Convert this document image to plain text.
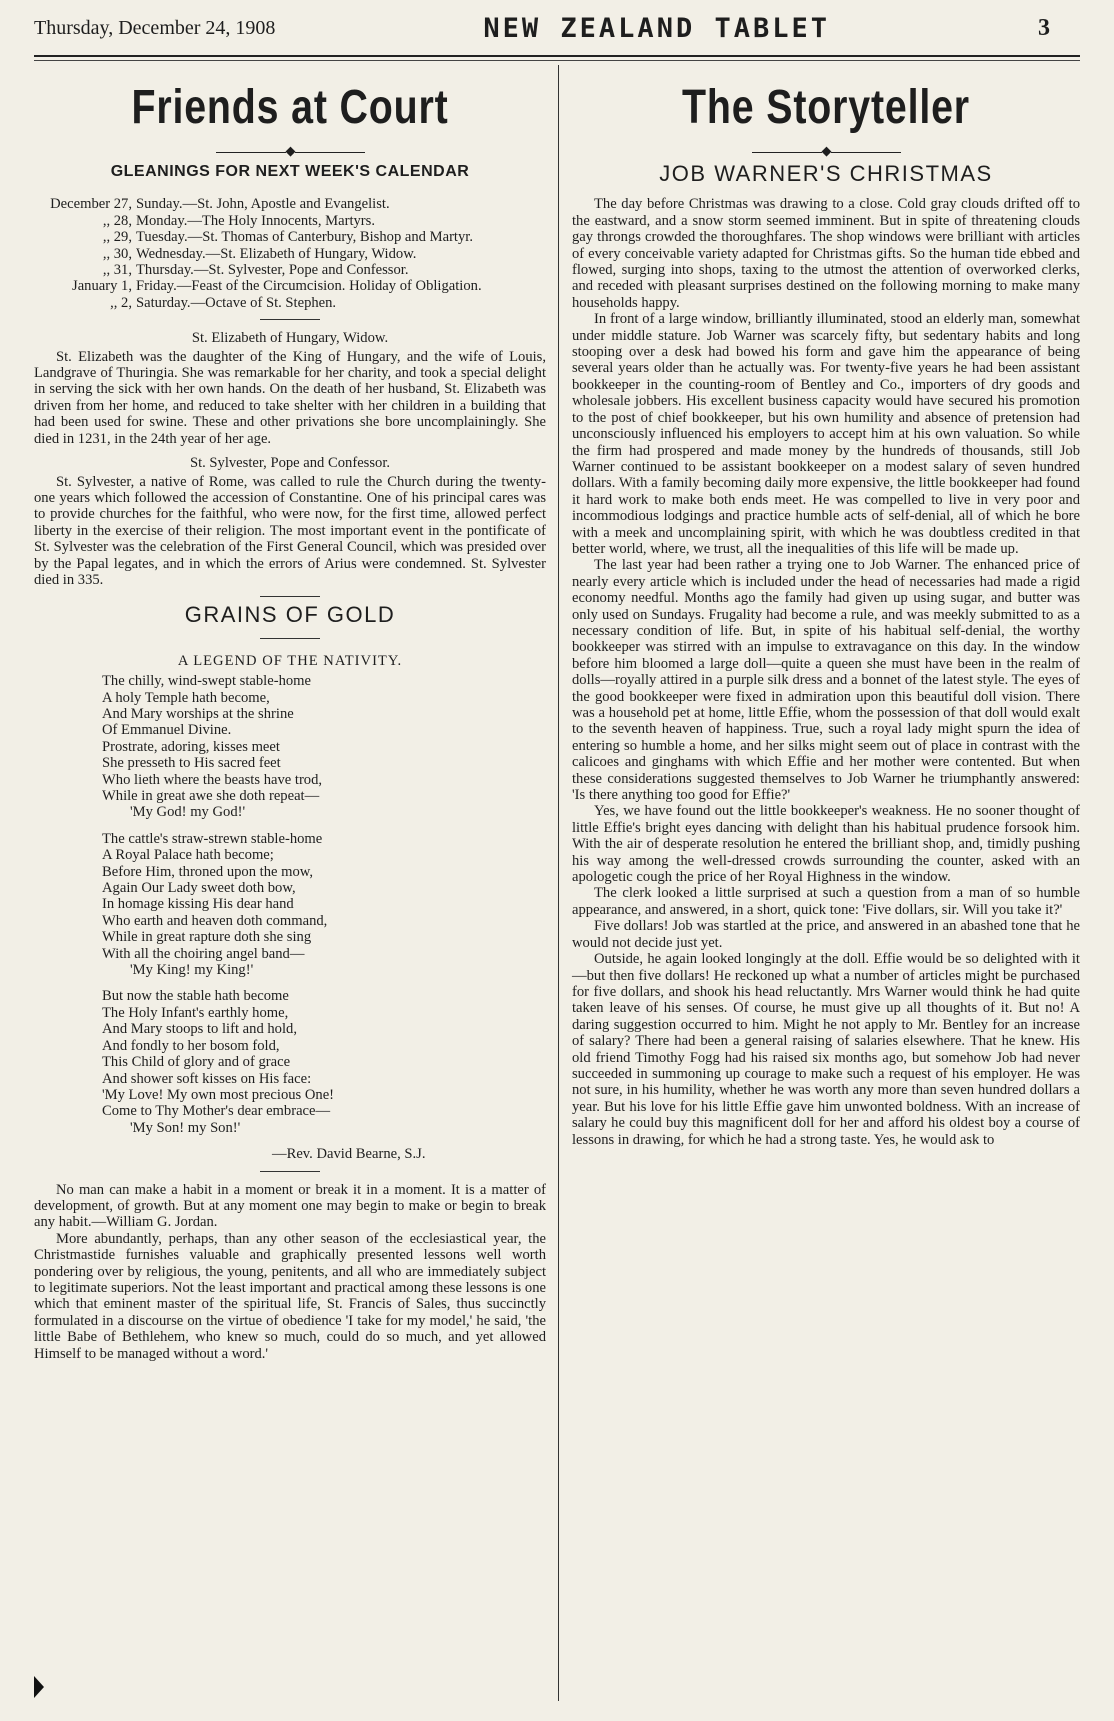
Thursday, December 24, 1908	NEW ZEALAND TABLET	3
Friends at Court
◆
GLEANINGS FOR NEXT WEEK'S CALENDAR
December 27, Sunday.—St. John, Apostle and Evangelist.
,, 28, Monday.—The Holy Innocents, Martyrs.
,, 29, Tuesday.—St. Thomas of Canterbury, Bishop and Martyr.
,, 30, Wednesday.—St. Elizabeth of Hungary, Widow.
,, 31, Thursday.—St. Sylvester, Pope and Confessor.
January 1, Friday.—Feast of the Circumcision. Holiday of Obligation.
,, 2, Saturday.—Octave of St. Stephen.
St. Elizabeth of Hungary, Widow.

St. Elizabeth was the daughter of the King of Hungary, and the wife of Louis, Landgrave of Thuringia. She was remarkable for her charity, and took a special delight in serving the sick with her own hands. On the death of her husband, St. Elizabeth was driven from her home, and reduced to take shelter with her children in a building that had been used for swine. These and other privations she bore uncomplainingly. She died in 1231, in the 24th year of her age.

St. Sylvester, Pope and Confessor.

St. Sylvester, a native of Rome, was called to rule the Church during the twenty-one years which followed the accession of Constantine. One of his principal cares was to provide churches for the faithful, who were now, for the first time, allowed perfect liberty in the exercise of their religion. The most important event in the pontificate of St. Sylvester was the celebration of the First General Council, which was presided over by the Papal legates, and in which the errors of Arius were condemned. St. Sylvester died in 335.

GRAINS OF GOLD
A LEGEND OF THE NATIVITY.
The chilly, wind-swept stable-home
A holy Temple hath become,
And Mary worships at the shrine
Of Emmanuel Divine.
Prostrate, adoring, kisses meet
She presseth to His sacred feet
Who lieth where the beasts have trod,
While in great awe she doth repeat—
'My God! my God!'
The cattle's straw-strewn stable-home
A Royal Palace hath become;
Before Him, throned upon the mow,
Again Our Lady sweet doth bow,
In homage kissing His dear hand
Who earth and heaven doth command,
While in great rapture doth she sing
With all the choiring angel band—
'My King! my King!'
But now the stable hath become
The Holy Infant's earthly home,
And Mary stoops to lift and hold,
And fondly to her bosom fold,
This Child of glory and of grace
And shower soft kisses on His face:
'My Love! My own most precious One!
Come to Thy Mother's dear embrace—
'My Son! my Son!'
—Rev. David Bearne, S.J.

No man can make a habit in a moment or break it in a moment. It is a matter of development, of growth. But at any moment one may begin to make or begin to break any habit.—William G. Jordan.

More abundantly, perhaps, than any other season of the ecclesiastical year, the Christmastide furnishes valuable and graphically presented lessons well worth pondering over by religious, the young, penitents, and all who are immediately subject to legitimate superiors. Not the least important and practical among these lessons is one which that eminent master of the spiritual life, St. Francis of Sales, thus succinctly formulated in a discourse on the virtue of obedience 'I take for my model,' he said, 'the little Babe of Bethlehem, who knew so much, could do so much, and yet allowed Himself to be managed without a word.'

The Storyteller
◆
JOB WARNER'S CHRISTMAS

The day before Christmas was drawing to a close. Cold gray clouds drifted off to the eastward, and a snow storm seemed imminent. But in spite of threatening clouds gay throngs crowded the thoroughfares. The shop windows were brilliant with articles of every conceivable variety adapted for Christmas gifts. So the human tide ebbed and flowed, surging into shops, taxing to the utmost the attention of overworked clerks, and receded with pleasant surprises destined on the following morning to make many households happy.

In front of a large window, brilliantly illuminated, stood an elderly man, somewhat under middle stature. Job Warner was scarcely fifty, but sedentary habits and long stooping over a desk had bowed his form and gave him the appearance of being several years older than he actually was. For twenty-five years he had been assistant bookkeeper in the counting-room of Bentley and Co., importers of dry goods and wholesale jobbers. His excellent business capacity would have secured his promotion to the post of chief bookkeeper, but his own humility and absence of pretension had unconsciously influenced his employers to accept him at his own valuation. So while the firm had prospered and made money by the hundreds of thousands, still Job Warner continued to be assistant bookkeeper on a modest salary of seven hundred dollars. With a family becoming daily more expensive, the little bookkeeper had found it hard work to make both ends meet. He was compelled to live in very poor and incommodious lodgings and practice humble acts of self-denial, all of which he bore with a meek and uncomplaining spirit, with which he was doubtless credited in that better world, where, we trust, all the inequalities of this life will be made up.

The last year had been rather a trying one to Job Warner. The enhanced price of nearly every article which is included under the head of necessaries had made a rigid economy needful. Months ago the family had given up using sugar, and butter was only used on Sundays. Frugality had become a rule, and was meekly submitted to as a necessary condition of life. But, in spite of his habitual self-denial, the worthy bookkeeper was stirred with an impulse to extravagance on this day. In the window before him bloomed a large doll—quite a queen she must have been in the realm of dolls—royally attired in a purple silk dress and a bonnet of the latest style. The eyes of the good bookkeeper were fixed in admiration upon this beautiful doll vision. There was a household pet at home, little Effie, whom the possession of that doll would exalt to the seventh heaven of happiness. True, such a royal lady might spurn the idea of entering so humble a home, and her silks might seem out of place in contrast with the calicoes and ginghams with which Effie and her mother were contented. But when these considerations suggested themselves to Job Warner he triumphantly answered: 'Is there anything too good for Effie?'

Yes, we have found out the little bookkeeper's weakness. He no sooner thought of little Effie's bright eyes dancing with delight than his habitual prudence forsook him. With the air of desperate resolution he entered the brilliant shop, and, timidly pushing his way among the well-dressed crowds surrounding the counter, asked with an apologetic cough the price of her Royal Highness in the window.

The clerk looked a little surprised at such a question from a man of so humble appearance, and answered, in a short, quick tone: 'Five dollars, sir. Will you take it?'

Five dollars! Job was startled at the price, and answered in an abashed tone that he would not decide just yet.

Outside, he again looked longingly at the doll. Effie would be so delighted with it—but then five dollars! He reckoned up what a number of articles might be purchased for five dollars, and shook his head reluctantly. Mrs Warner would think he had quite taken leave of his senses. Of course, he must give up all thoughts of it. But no! A daring suggestion occurred to him. Might he not apply to Mr. Bentley for an increase of salary? There had been a general raising of salaries elsewhere. That he knew. His old friend Timothy Fogg had his raised six months ago, but somehow Job had never succeeded in summoning up courage to make such a request of his employer. He was not sure, in his humility, whether he was worth any more than seven hundred dollars a year. But his love for his little Effie gave him unwonted boldness. With an increase of salary he could buy this magnificent doll for her and afford his oldest boy a course of lessons in drawing, for which he had a strong taste. Yes, he would ask to
